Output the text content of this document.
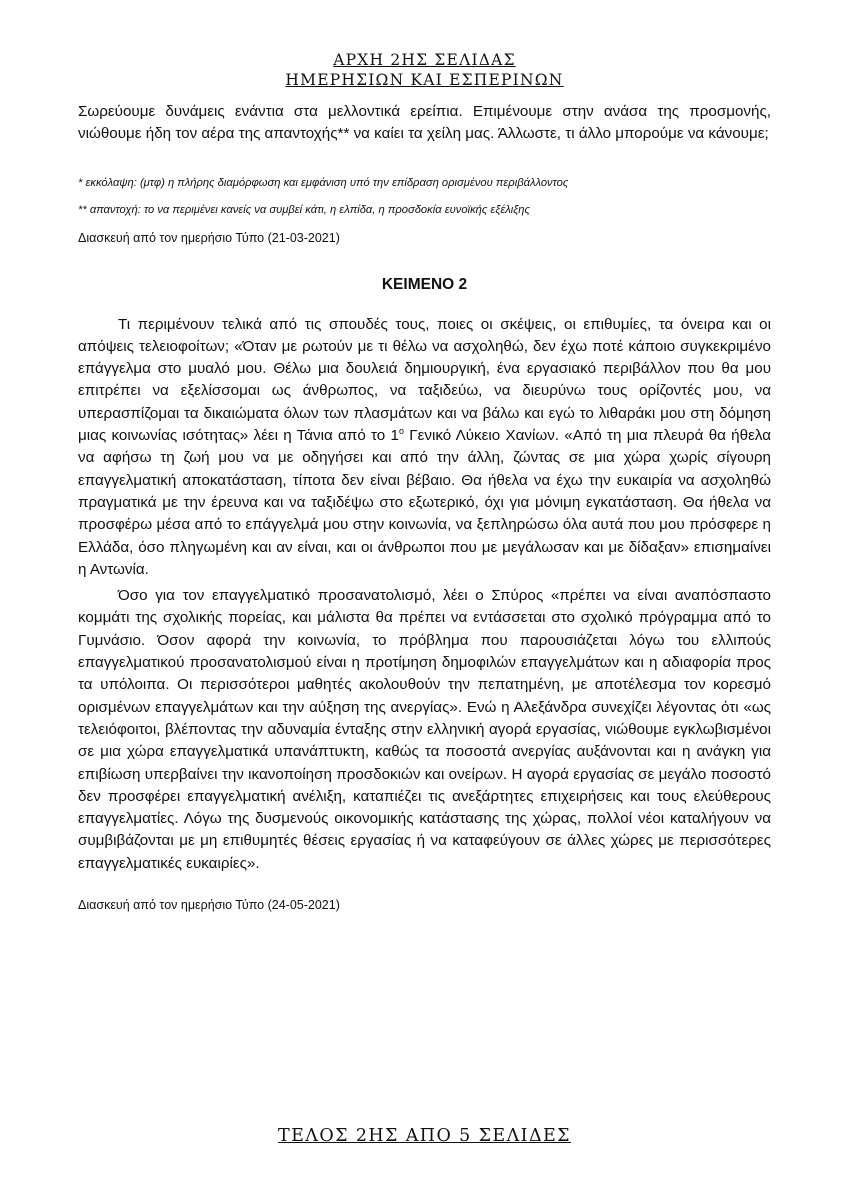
ΑΡΧΗ 2ΗΣ ΣΕΛΙΔΑΣ
ΗΜΕΡΗΣΙΩΝ ΚΑΙ ΕΣΠΕΡΙΝΩΝ

Σωρεύουμε δυνάμεις ενάντια στα μελλοντικά ερείπια. Επιμένουμε στην ανάσα της προσμονής, νιώθουμε ήδη τον αέρα της απαντοχής** να καίει τα χείλη μας. Άλλωστε, τι άλλο μπορούμε να κάνουμε;

* εκκόλαψη: (μτφ) η πλήρης διαμόρφωση και εμφάνιση υπό την επίδραση ορισμένου περιβάλλοντος

** απαντοχή: το να περιμένει κανείς να συμβεί κάτι, η ελπίδα, η προσδοκία ευνοϊκής εξέλιξης

Διασκευή από τον ημερήσιο Τύπο (21-03-2021)

ΚΕΙΜΕΝΟ 2

Τι περιμένουν τελικά από τις σπουδές τους, ποιες οι σκέψεις, οι επιθυμίες, τα όνειρα και οι απόψεις τελειοφοίτων; «Όταν με ρωτούν με τι θέλω να ασχοληθώ, δεν έχω ποτέ κάποιο συγκεκριμένο επάγγελμα στο μυαλό μου. Θέλω μια δουλειά δημιουργική, ένα εργασιακό περιβάλλον που θα μου επιτρέπει να εξελίσσομαι ως άνθρωπος, να ταξιδεύω, να διευρύνω τους ορίζοντές μου, να υπερασπίζομαι τα δικαιώματα όλων των πλασμάτων και να βάλω και εγώ το λιθαράκι μου στη δόμηση μιας κοινωνίας ισότητας» λέει η Τάνια από το $1^o$ Γενικό Λύκειο Χανίων. «Από τη μια πλευρά θα ήθελα να αφήσω τη ζωή μου να με οδηγήσει και από την άλλη, ζώντας σε μια χώρα χωρίς σίγουρη επαγγελματική αποκατάσταση, τίποτα δεν είναι βέβαιο. Θα ήθελα να έχω την ευκαιρία να ασχοληθώ πραγματικά με την έρευνα και να ταξιδέψω στο εξωτερικό, όχι για μόνιμη εγκατάσταση. Θα ήθελα να προσφέρω μέσα από το επάγγελμά μου στην κοινωνία, να ξεπληρώσω όλα αυτά που μου πρόσφερε η Ελλάδα, όσο πληγωμένη και αν είναι, και οι άνθρωποι που με μεγάλωσαν και με δίδαξαν» επισημαίνει η Αντωνία.

Όσο για τον επαγγελματικό προσανατολισμό, λέει ο Σπύρος «πρέπει να είναι αναπόσπαστο κομμάτι της σχολικής πορείας, και μάλιστα θα πρέπει να εντάσσεται στο σχολικό πρόγραμμα από το Γυμνάσιο. Όσον αφορά την κοινωνία, το πρόβλημα που παρουσιάζεται λόγω του ελλιπούς επαγγελματικού προσανατολισμού είναι η προτίμηση δημοφιλών επαγγελμάτων και η αδιαφορία προς τα υπόλοιπα. Οι περισσότεροι μαθητές ακολουθούν την πεπατημένη, με αποτέλεσμα τον κορεσμό ορισμένων επαγγελμάτων και την αύξηση της ανεργίας». Ενώ η Αλεξάνδρα συνεχίζει λέγοντας ότι «ως τελειόφοιτοι, βλέποντας την αδυναμία ένταξης στην ελληνική αγορά εργασίας, νιώθουμε εγκλωβισμένοι σε μια χώρα επαγγελματικά υπανάπτυκτη, καθώς τα ποσοστά ανεργίας αυξάνονται και η ανάγκη για επιβίωση υπερβαίνει την ικανοποίηση προσδοκιών και ονείρων. Η αγορά εργασίας σε μεγάλο ποσοστό δεν προσφέρει επαγγελματική ανέλιξη, καταπιέζει τις ανεξάρτητες επιχειρήσεις και τους ελεύθερους επαγγελματίες. Λόγω της δυσμενούς οικονομικής κατάστασης της χώρας, πολλοί νέοι καταλήγουν να συμβιβάζονται με μη επιθυμητές θέσεις εργασίας ή να καταφεύγουν σε άλλες χώρες με περισσότερες επαγγελματικές ευκαιρίες».

Διασκευή από τον ημερήσιο Τύπο (24-05-2021)

ΤΕΛΟΣ 2ΗΣ ΑΠΟ 5 ΣΕΛΙΔΕΣ
